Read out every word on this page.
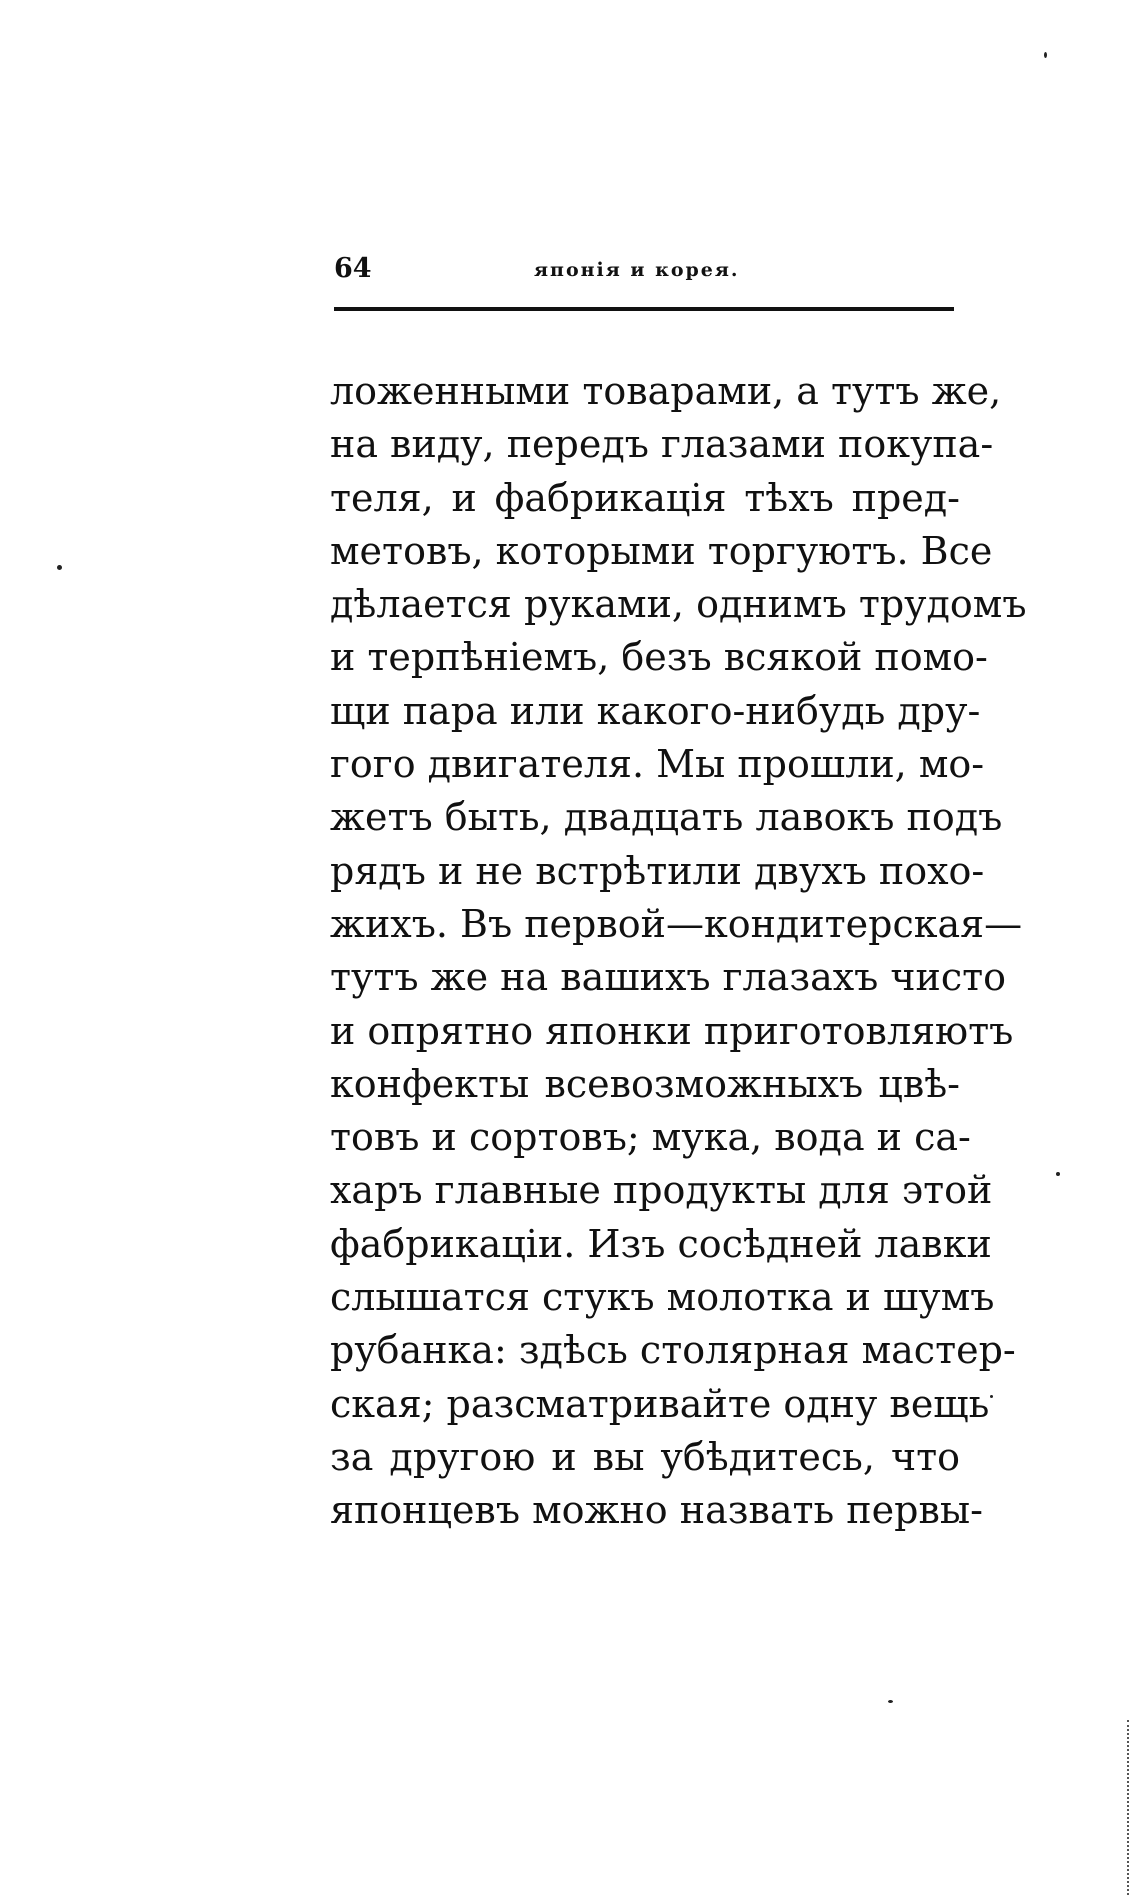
64	японія и корея.
ложенными товарами, а тутъ же,
на виду, передъ глазами покупа-
теля, и фабрикація тѣхъ пред-
метовъ, которыми торгуютъ. Все
дѣлается руками, однимъ трудомъ
и терпѣніемъ, безъ всякой помо-
щи пара или какого-нибудь дру-
гого двигателя. Мы прошли, мо-
жетъ быть, двадцать лавокъ подъ
рядъ и не встрѣтили двухъ похо-
жихъ. Въ первой—кондитерская—
тутъ же на вашихъ глазахъ чисто
и опрятно японки приготовляютъ
конфекты всевозможныхъ цвѣ-
товъ и сортовъ; мука, вода и са-
харъ главные продукты для этой
фабрикаціи. Изъ сосѣдней лавки
слышатся стукъ молотка и шумъ
рубанка: здѣсь столярная мастер-
ская; разсматривайте одну вещь
за другою и вы убѣдитесь, что
японцевъ можно назвать первы-
